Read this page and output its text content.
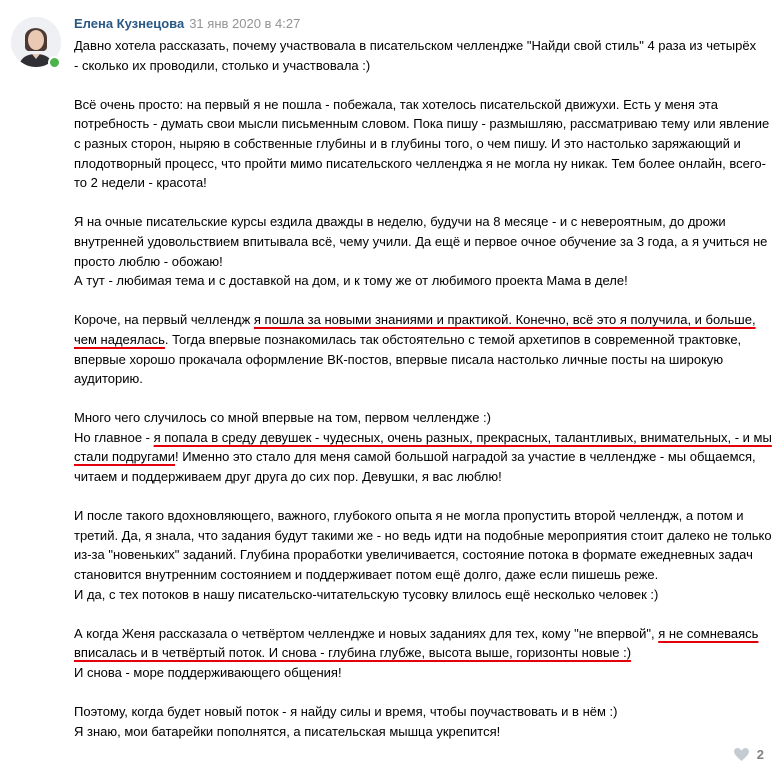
Елена Кузнецова 31 янв 2020 в 4:27

Давно хотела рассказать, почему участвовала в писательском челлендже "Найди свой стиль" 4 раза из четырёх

- сколько их проводили, столько и участвовала :)

Всё очень просто: на первый я не пошла - побежала, так хотелось писательской движухи. Есть у меня эта потребность - думать свои мысли письменным словом. Пока пишу - размышляю, рассматриваю тему или явление с разных сторон, ныряю в собственные глубины и в глубины того, о чем пишу. И это настолько заряжающий и плодотворный процесс, что пройти мимо писательского челленджа я не могла ну никак. Тем более онлайн, всего-то 2 недели - красота!

Я на очные писательские курсы ездила дважды в неделю, будучи на 8 месяце - и с невероятным, до дрожи внутренней удовольствием впитывала всё, чему учили. Да ещё и первое очное обучение за 3 года, а я учиться не просто люблю - обожаю!

А тут - любимая тема и с доставкой на дом, и к тому же от любимого проекта Мама в деле!

Короче, на первый челлендж я пошла за новыми знаниями и практикой. Конечно, всё это я получила, и больше, чем надеялась. Тогда впервые познакомилась так обстоятельно с темой архетипов в современной трактовке, впервые хорошо прокачала оформление ВК-постов, впервые писала настолько личные посты на широкую аудиторию.

Много чего случилось со мной впервые на том, первом челлендже :)

Но главное - я попала в среду девушек - чудесных, очень разных, прекрасных, талантливых, внимательных, - и мы стали подругами! Именно это стало для меня самой большой наградой за участие в челлендже - мы общаемся, читаем и поддерживаем друг друга до сих пор. Девушки, я вас люблю!

И после такого вдохновляющего, важного, глубокого опыта я не могла пропустить второй челлендж, а потом и третий. Да, я знала, что задания будут такими же - но ведь идти на подобные мероприятия стоит далеко не только из-за "новеньких" заданий. Глубина проработки увеличивается, состояние потока в формате ежедневных задач становится внутренним состоянием и поддерживает потом ещё долго, даже если пишешь реже.

И да, с тех потоков в нашу писательско-читательскую тусовку влилось ещё несколько человек :)

А когда Женя рассказала о четвёртом челлендже и новых заданиях для тех, кому "не впервой", я не сомневаясь вписалась и в четвёртый поток. И снова - глубина глубже, высота выше, горизонты новые :)

И снова - море поддерживающего общения!

Поэтому, когда будет новый поток - я найду силы и время, чтобы поучаствовать и в нём :)

Я знаю, мои батарейки пополнятся, а писательская мышца укрепится!

2
